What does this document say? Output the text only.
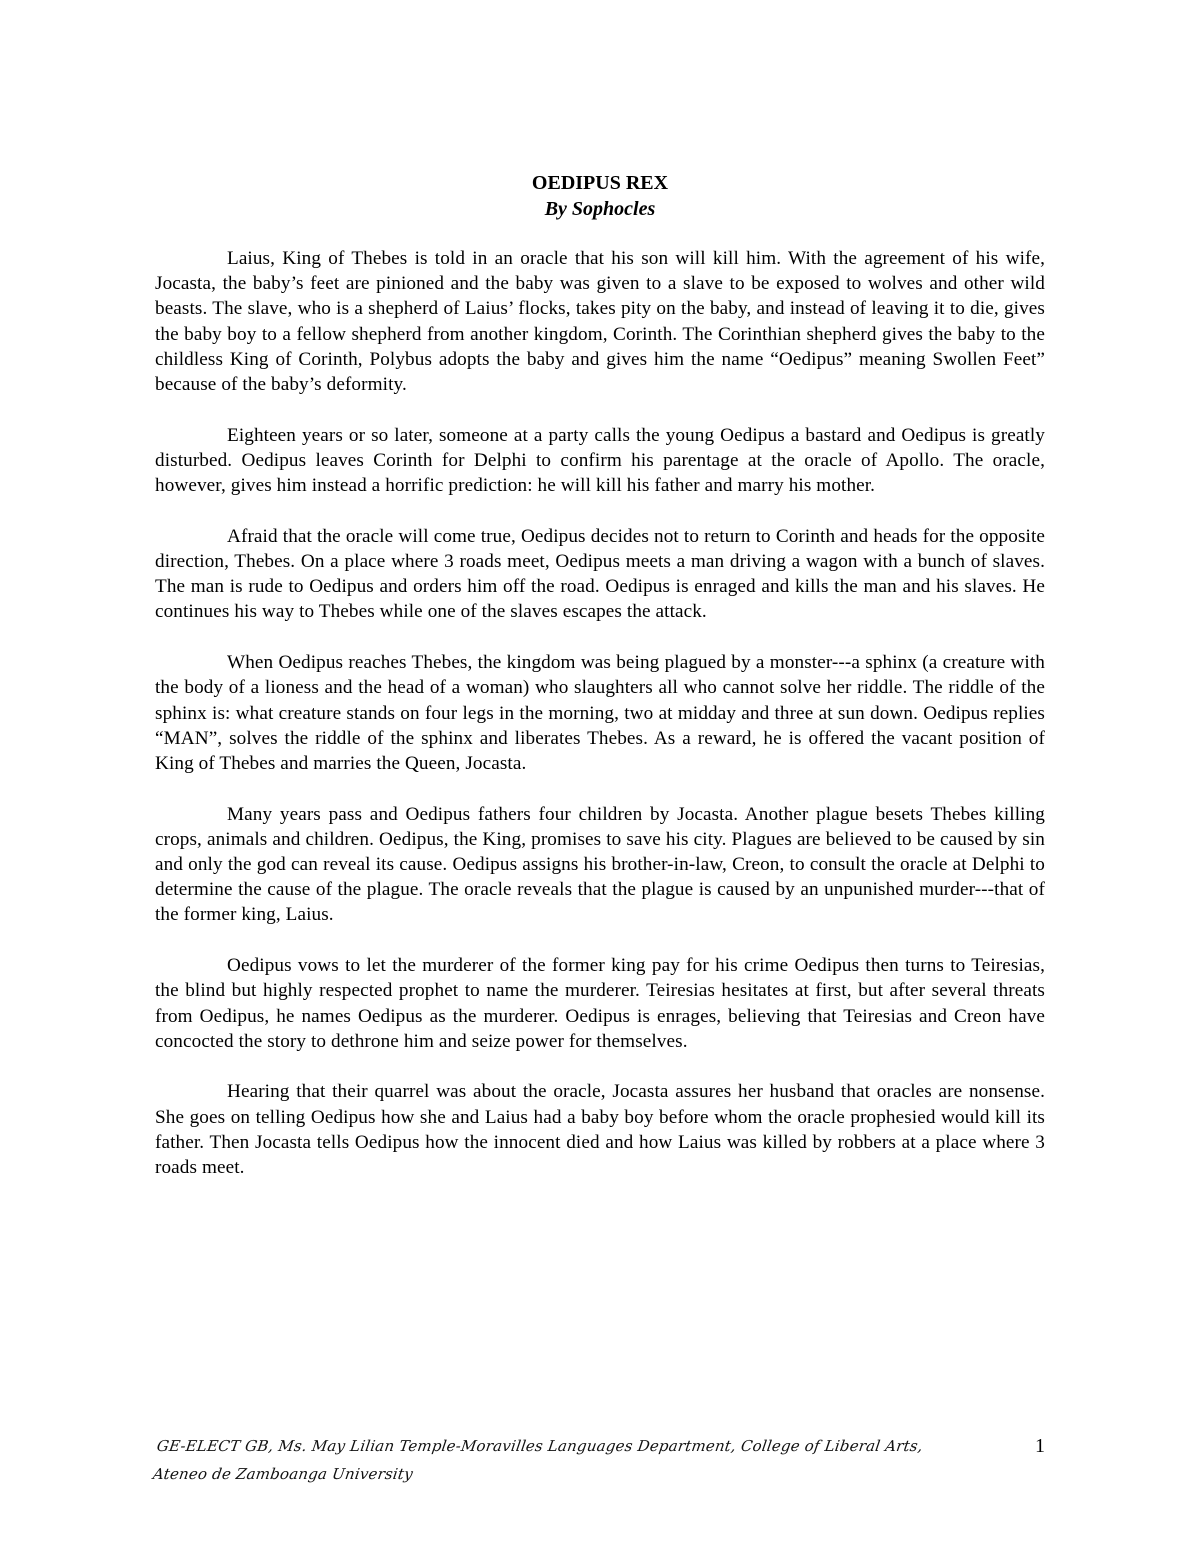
OEDIPUS REX

By Sophocles

Laius, King of Thebes is told in an oracle that his son will kill him. With the agreement of his wife, Jocasta, the baby’s feet are pinioned and the baby was given to a slave to be exposed to wolves and other wild beasts. The slave, who is a shepherd of Laius’ flocks, takes pity on the baby, and instead of leaving it to die, gives the baby boy to a fellow shepherd from another kingdom, Corinth. The Corinthian shepherd gives the baby to the childless King of Corinth, Polybus adopts the baby and gives him the name “Oedipus” meaning Swollen Feet” because of the baby’s deformity.

Eighteen years or so later, someone at a party calls the young Oedipus a bastard and Oedipus is greatly disturbed. Oedipus leaves Corinth for Delphi to confirm his parentage at the oracle of Apollo. The oracle, however, gives him instead a horrific prediction: he will kill his father and marry his mother.

Afraid that the oracle will come true, Oedipus decides not to return to Corinth and heads for the opposite direction, Thebes. On a place where 3 roads meet, Oedipus meets a man driving a wagon with a bunch of slaves. The man is rude to Oedipus and orders him off the road. Oedipus is enraged and kills the man and his slaves. He continues his way to Thebes while one of the slaves escapes the attack.

When Oedipus reaches Thebes, the kingdom was being plagued by a monster---a sphinx (a creature with the body of a lioness and the head of a woman) who slaughters all who cannot solve her riddle. The riddle of the sphinx is: what creature stands on four legs in the morning, two at midday and three at sun down. Oedipus replies “MAN”, solves the riddle of the sphinx and liberates Thebes. As a reward, he is offered the vacant position of King of Thebes and marries the Queen, Jocasta.

Many years pass and Oedipus fathers four children by Jocasta. Another plague besets Thebes killing crops, animals and children. Oedipus, the King, promises to save his city. Plagues are believed to be caused by sin and only the god can reveal its cause. Oedipus assigns his brother-in-law, Creon, to consult the oracle at Delphi to determine the cause of the plague. The oracle reveals that the plague is caused by an unpunished murder---that of the former king, Laius.

Oedipus vows to let the murderer of the former king pay for his crime Oedipus then turns to Teiresias, the blind but highly respected prophet to name the murderer. Teiresias hesitates at first, but after several threats from Oedipus, he names Oedipus as the murderer. Oedipus is enrages, believing that Teiresias and Creon have concocted the story to dethrone him and seize power for themselves.

Hearing that their quarrel was about the oracle, Jocasta assures her husband that oracles are nonsense. She goes on telling Oedipus how she and Laius had a baby boy before whom the oracle prophesied would kill its father. Then Jocasta tells Oedipus how the innocent died and how Laius was killed by robbers at a place where 3 roads meet.

GE-ELECT GB, Ms. May Lilian Temple-Moravilles Languages Department, College of Liberal Arts, Ateneo de Zamboanga University
1
